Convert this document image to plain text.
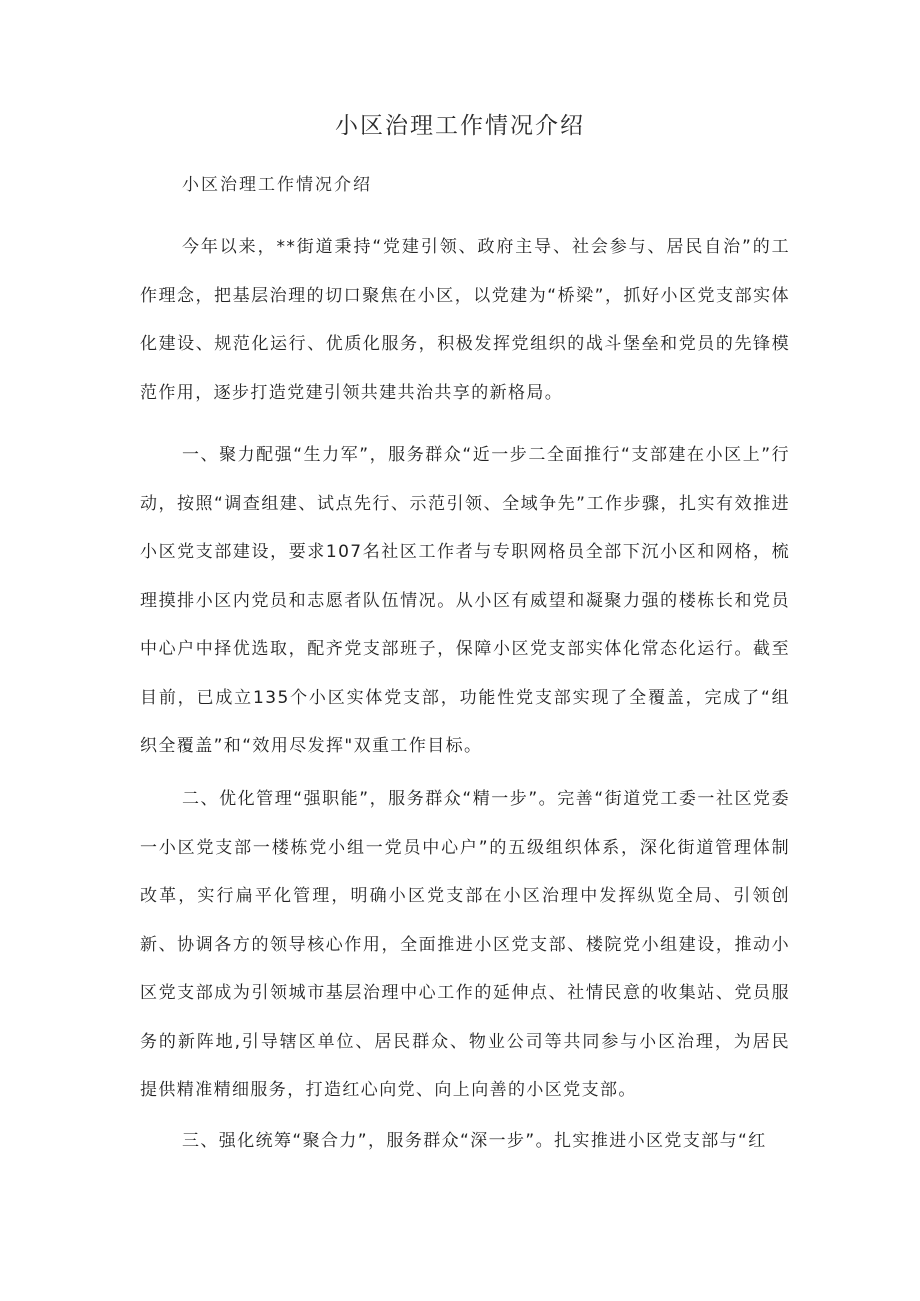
小区治理工作情况介绍
小区治理工作情况介绍

今年以来，**街道秉持“党建引领、政府主导、社会参与、居民自治”的工作理念，把基层治理的切口聚焦在小区，以党建为“桥梁”，抓好小区党支部实体化建设、规范化运行、优质化服务，积极发挥党组织的战斗堡垒和党员的先锋模范作用，逐步打造党建引领共建共治共享的新格局。

一、聚力配强“生力军”，服务群众“近一步二全面推行“支部建在小区上”行动，按照“调查组建、试点先行、示范引领、全域争先”工作步骤，扎实有效推进小区党支部建设，要求107名社区工作者与专职网格员全部下沉小区和网格，梳理摸排小区内党员和志愿者队伍情况。从小区有威望和凝聚力强的楼栋长和党员中心户中择优选取，配齐党支部班子，保障小区党支部实体化常态化运行。截至目前，已成立135个小区实体党支部，功能性党支部实现了全覆盖，完成了“组织全覆盖”和“效用尽发挥"双重工作目标。

二、优化管理“强职能”，服务群众“精一步”。完善“街道党工委一社区党委一小区党支部一楼栋党小组一党员中心户”的五级组织体系，深化街道管理体制改革，实行扁平化管理，明确小区党支部在小区治理中发挥纵览全局、引领创新、协调各方的领导核心作用，全面推进小区党支部、楼院党小组建设，推动小区党支部成为引领城市基层治理中心工作的延伸点、社情民意的收集站、党员服务的新阵地,引导辖区单位、居民群众、物业公司等共同参与小区治理，为居民提供精准精细服务，打造红心向党、向上向善的小区党支部。

三、强化统筹“聚合力”，服务群众“深一步”。扎实推进小区党支部与“红
